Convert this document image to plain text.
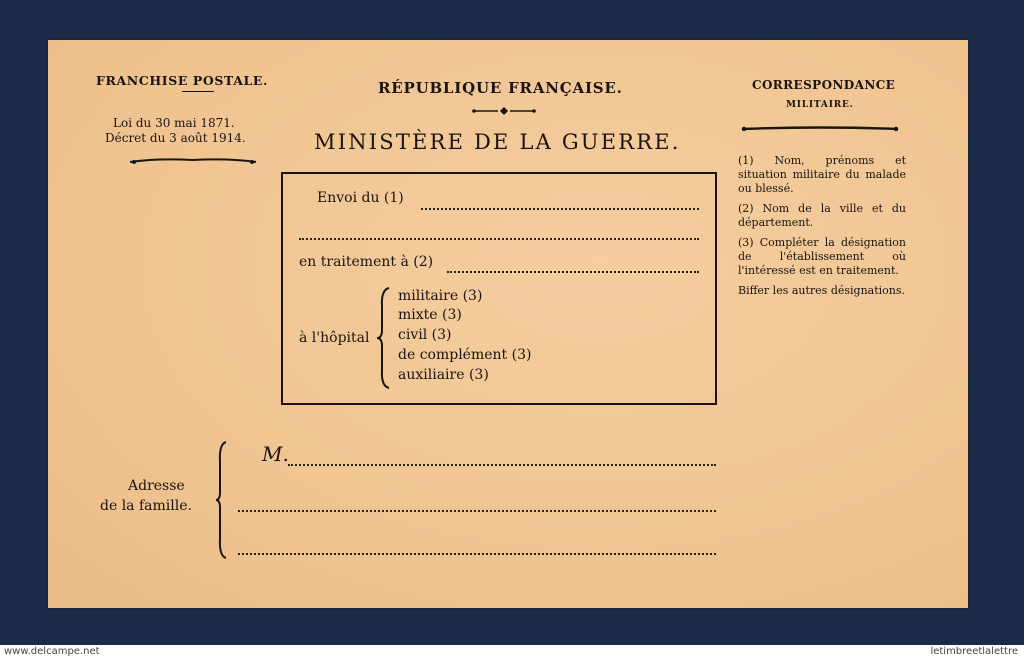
FRANCHISE POSTALE.
Loi du 30 mai 1871.
Décret du 3 août 1914.
RÉPUBLIQUE FRANÇAISE.
MINISTÈRE DE LA GUERRE.
CORRESPONDANCE
MILITAIRE.

(1) Nom, prénoms et situation militaire du malade ou blessé.

(2) Nom de la ville et du département.

(3) Compléter la désignation de l'établissement où l'intéressé est en traitement.

Biffer les autres désignations.

Envoi du (1)
en traitement à (2)
à l'hôpital
militaire (3)
mixte (3)
civil (3)
de complément (3)
auxiliaire (3)
Adresse
de la famille.
M.
www.delcampe.net	letimbreetlalettre
